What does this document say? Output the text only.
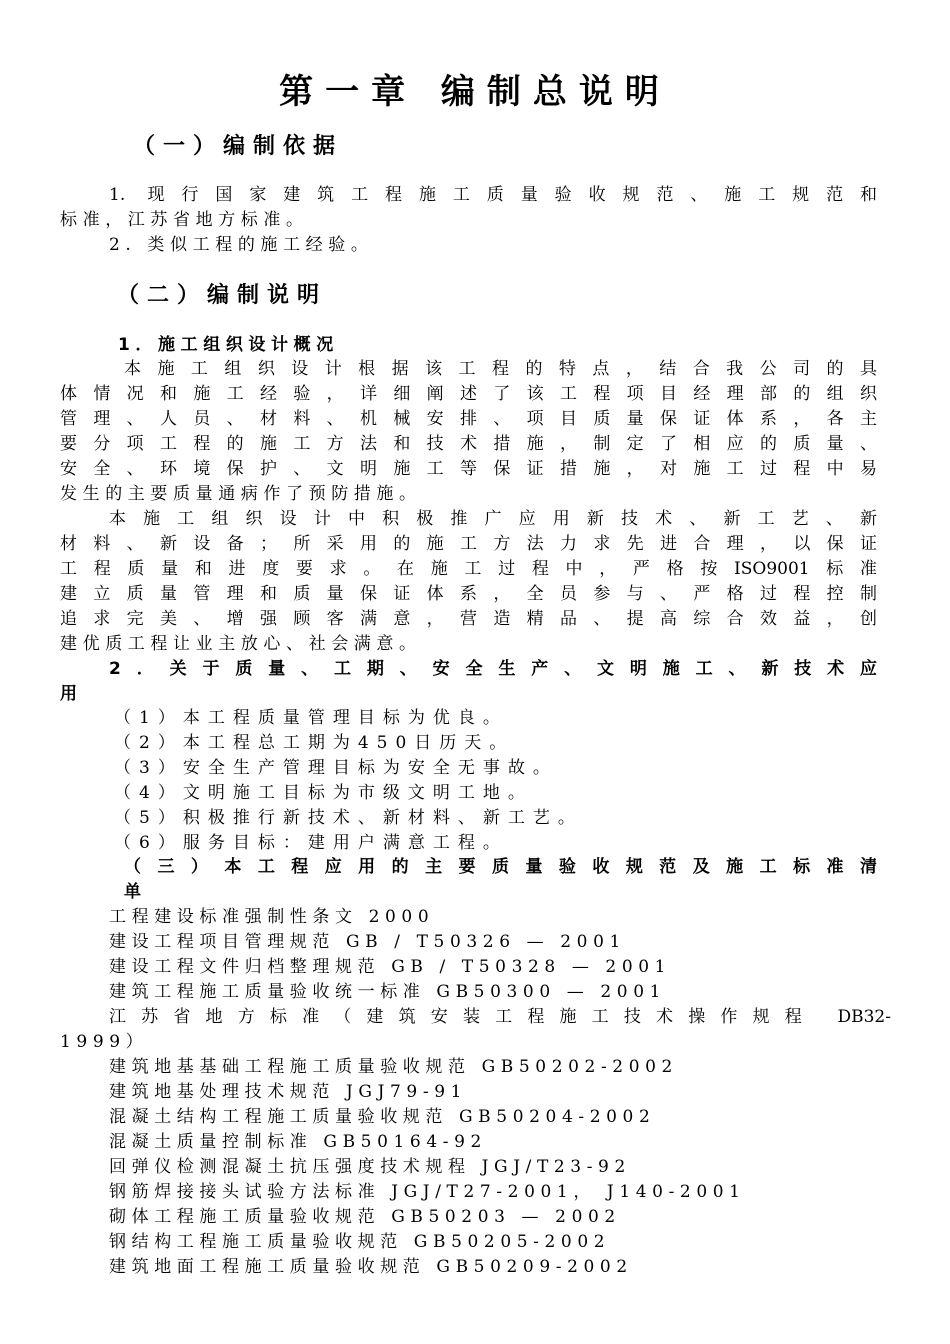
第一章 编制总说明
（一）编制依据
1. 现行国家建筑工程施工质量验收规范、施工规范和
标准，江苏省地方标准。
2. 类似工程的施工经验。
（二）编制说明
1．施工组织设计概况
本施工组织设计根据该工程的特点，结合我公司的具
体情况和施工经验，详细阐述了该工程项目经理部的组织
管理、人员、材料、机械安排、项目质量保证体系，各主
要分项工程的施工方法和技术措施，制定了相应的质量、
安全、环境保护、文明施工等保证措施，对施工过程中易
发生的主要质量通病作了预防措施。
本施工组织设计中积极推广应用新技术、新工艺、新
材料、新设备；所采用的施工方法力求先进合理，以保证
工程质量和进度要求。在施工过程中，严格按ISO9001标准
建立质量管理和质量保证体系，全员参与、严格过程控制
追求完美、增强顾客满意，营造精品、提高综合效益，创
建优质工程让业主放心、社会满意。
2．关于质量、工期、安全生产、文明施工、新技术应
用
（1）本工程质量管理目标为优良。
（2）本工程总工期为450日历天。
（3）安全生产管理目标为安全无事故。
（4）文明施工目标为市级文明工地。
（5）积极推行新技术、新材料、新工艺。
（6）服务目标：建用户满意工程。
（三）本工程应用的主要质量验收规范及施工标准清
单
工程建设标准强制性条文 2000
建设工程项目管理规范 GB / T50326 — 2001
建设工程文件归档整理规范 GB / T50328 — 2001
建筑工程施工质量验收统一标准 GB50300 — 2001
江苏省地方标准（建筑安装工程施工技术操作规程 DB32-
1999）
建筑地基基础工程施工质量验收规范 GB50202-2002
建筑地基处理技术规范 JGJ79-91
混凝土结构工程施工质量验收规范 GB50204-2002
混凝土质量控制标准 GB50164-92
回弹仪检测混凝土抗压强度技术规程 JGJ/T23-92
钢筋焊接接头试验方法标准 JGJ/T27-2001， J140-2001
砌体工程施工质量验收规范 GB50203 — 2002
钢结构工程施工质量验收规范 GB50205-2002
建筑地面工程施工质量验收规范 GB50209-2002
